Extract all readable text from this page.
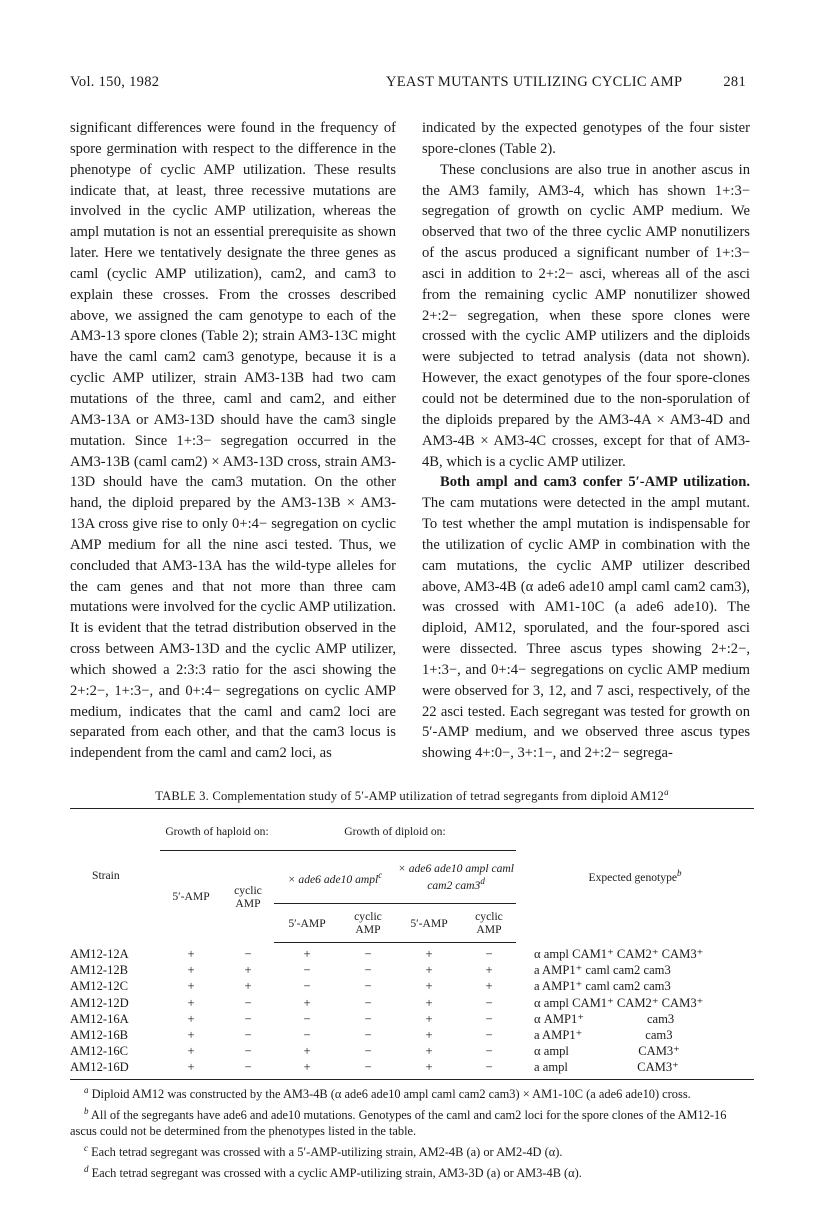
Vol. 150, 1982	YEAST MUTANTS UTILIZING CYCLIC AMP	281

significant differences were found in the frequency of spore germination with respect to the difference in the phenotype of cyclic AMP utilization. These results indicate that, at least, three recessive mutations are involved in the cyclic AMP utilization, whereas the ampl mutation is not an essential prerequisite as shown later. Here we tentatively designate the three genes as caml (cyclic AMP utilization), cam2, and cam3 to explain these crosses. From the crosses described above, we assigned the cam genotype to each of the AM3-13 spore clones (Table 2); strain AM3-13C might have the caml cam2 cam3 genotype, because it is a cyclic AMP utilizer, strain AM3-13B had two cam mutations of the three, caml and cam2, and either AM3-13A or AM3-13D should have the cam3 single mutation. Since 1+:3− segregation occurred in the AM3-13B (caml cam2) × AM3-13D cross, strain AM3-13D should have the cam3 mutation. On the other hand, the diploid prepared by the AM3-13B × AM3-13A cross give rise to only 0+:4− segregation on cyclic AMP medium for all the nine asci tested. Thus, we concluded that AM3-13A has the wild-type alleles for the cam genes and that not more than three cam mutations were involved for the cyclic AMP utilization. It is evident that the tetrad distribution observed in the cross between AM3-13D and the cyclic AMP utilizer, which showed a 2:3:3 ratio for the asci showing the 2+:2−, 1+:3−, and 0+:4− segregations on cyclic AMP medium, indicates that the caml and cam2 loci are separated from each other, and that the cam3 locus is independent from the caml and cam2 loci, as

indicated by the expected genotypes of the four sister spore-clones (Table 2).

These conclusions are also true in another ascus in the AM3 family, AM3-4, which has shown 1+:3− segregation of growth on cyclic AMP medium. We observed that two of the three cyclic AMP nonutilizers of the ascus produced a significant number of 1+:3− asci in addition to 2+:2− asci, whereas all of the asci from the remaining cyclic AMP nonutilizer showed 2+:2− segregation, when these spore clones were crossed with the cyclic AMP utilizers and the diploids were subjected to tetrad analysis (data not shown). However, the exact genotypes of the four spore-clones could not be determined due to the non-sporulation of the diploids prepared by the AM3-4A × AM3-4D and AM3-4B × AM3-4C crosses, except for that of AM3-4B, which is a cyclic AMP utilizer.

Both ampl and cam3 confer 5′-AMP utilization. The cam mutations were detected in the ampl mutant. To test whether the ampl mutation is indispensable for the utilization of cyclic AMP in combination with the cam mutations, the cyclic AMP utilizer described above, AM3-4B (α ade6 ade10 ampl caml cam2 cam3), was crossed with AM1-10C (a ade6 ade10). The diploid, AM12, sporulated, and the four-spored asci were dissected. Three ascus types showing 2+:2−, 1+:3−, and 0+:4− segregations on cyclic AMP medium were observed for 3, 12, and 7 asci, respectively, of the 22 asci tested. Each segregant was tested for growth on 5′-AMP medium, and we observed three ascus types showing 4+:0−, 3+:1−, and 2+:2− segrega-

TABLE 3. Complementation study of 5′-AMP utilization of tetrad segregants from diploid AM12$^a$
Strain	Growth of haploid on:		Growth of diploid on:				Expected genotype$^b$
	5′-AMP	cyclic AMP	× ade6 ade10 ampl$^c$		× ade6 ade10 ampl caml cam2 cam3$^d$
			5′-AMP	cyclic AMP	5′-AMP	cyclic AMP	
AM12-12A	+	−	+	−	+	−	α ampl CAM1⁺ CAM2⁺ CAM3⁺
AM12-12B	+	+	−	−	+	+	a AMP1⁺ caml cam2 cam3
AM12-12C	+	+	−	−	+	+	a AMP1⁺ caml cam2 cam3
AM12-12D	+	−	+	−	+	−	α ampl CAM1⁺ CAM2⁺ CAM3⁺
AM12-16A	+	−	−	−	+	−	α AMP1⁺                    cam3
AM12-16B	+	−	−	−	+	−	a AMP1⁺                    cam3
AM12-16C	+	−	+	−	+	−	α ampl                      CAM3⁺
AM12-16D	+	−	+	−	+	−	a ampl                      CAM3⁺

$^a$ Diploid AM12 was constructed by the AM3-4B (α ade6 ade10 ampl caml cam2 cam3) × AM1-10C (a ade6 ade10) cross.

$^b$ All of the segregants have ade6 and ade10 mutations. Genotypes of the caml and cam2 loci for the spore clones of the AM12-16 ascus could not be determined from the phenotypes listed in the table.

$^c$ Each tetrad segregant was crossed with a 5′-AMP-utilizing strain, AM2-4B (a) or AM2-4D (α).

$^d$ Each tetrad segregant was crossed with a cyclic AMP-utilizing strain, AM3-3D (a) or AM3-4B (α).
